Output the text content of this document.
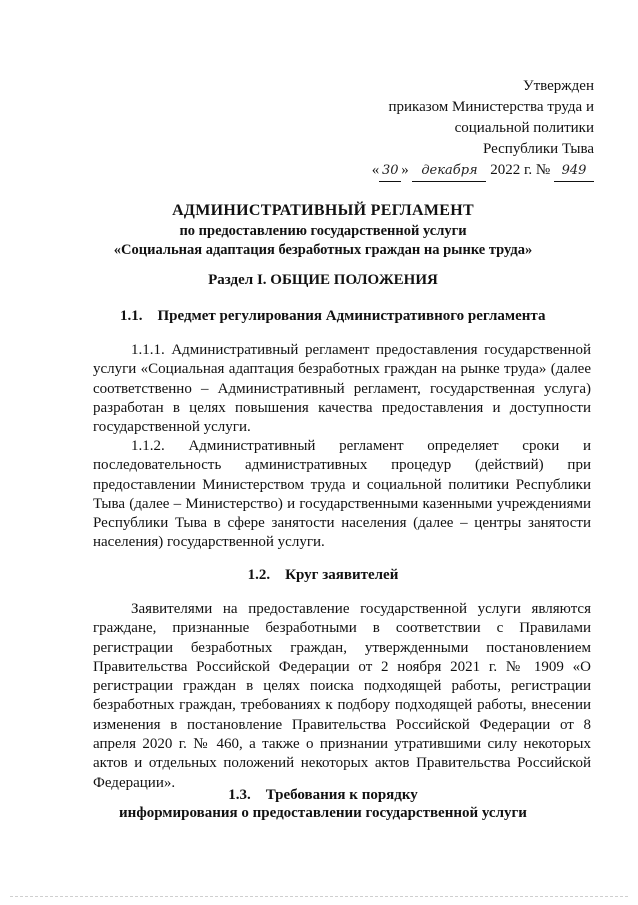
Утвержден
приказом Министерства труда и
социальной политики
Республики Тыва
« 30 » декабря 2022 г. № 949
АДМИНИСТРАТИВНЫЙ РЕГЛАМЕНТ
по предоставлению государственной услуги
«Социальная адаптация безработных граждан на рынке труда»
Раздел I. ОБЩИЕ ПОЛОЖЕНИЯ
1.1.    Предмет регулирования Административного регламента
1.1.1. Административный регламент предоставления государственной услуги «Социальная адаптация безработных граждан на рынке труда» (далее соответственно – Административный регламент, государственная услуга) разработан в целях повышения качества предоставления и доступности государственной услуги.
1.1.2. Административный регламент определяет сроки и последовательность административных процедур (действий) при предоставлении Министерством труда и социальной политики Республики Тыва (далее – Министерство) и государственными казенными учреждениями Республики Тыва в сфере занятости населения (далее – центры занятости населения) государственной услуги.
1.2.    Круг заявителей
Заявителями на предоставление государственной услуги являются граждане, признанные безработными в соответствии с Правилами регистрации безработных граждан, утвержденными постановлением Правительства Российской Федерации от 2 ноября 2021 г. № 1909 «О регистрации граждан в целях поиска подходящей работы, регистрации безработных граждан, требованиях к подбору подходящей работы, внесении изменения в постановление Правительства Российской Федерации от 8 апреля 2020 г. № 460, а также о признании утратившими силу некоторых актов и отдельных положений некоторых актов Правительства Российской Федерации».
1.3.    Требования к порядку
информирования о предоставлении государственной услуги
